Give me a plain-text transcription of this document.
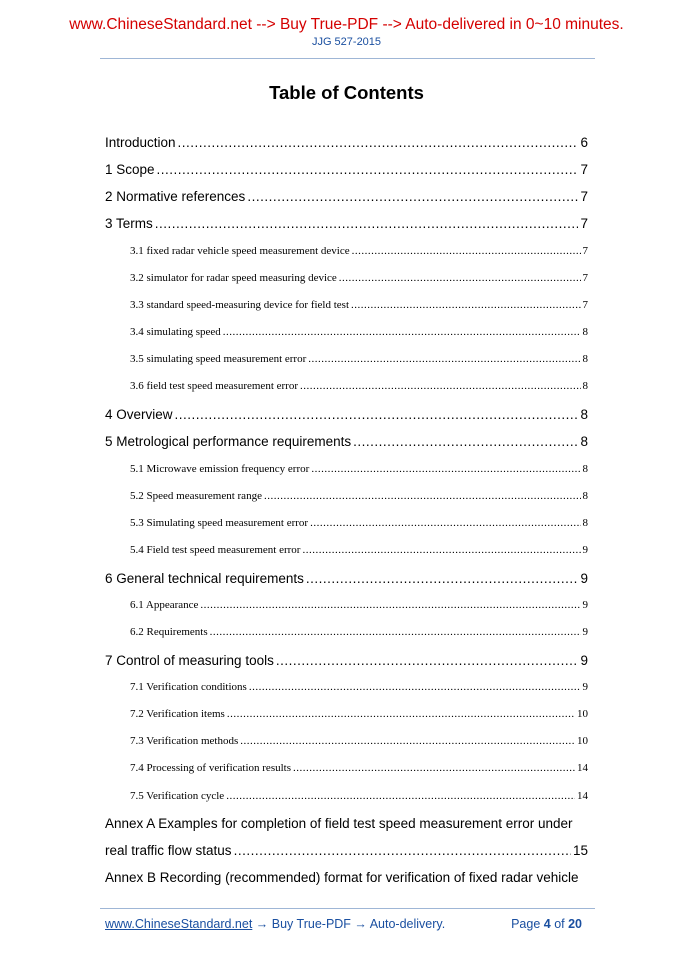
www.ChineseStandard.net --> Buy True-PDF --> Auto-delivered in 0~10 minutes.
JJG 527-2015
Table of Contents
Introduction .....	6
1 Scope .....	7
2 Normative references .....	7
3 Terms .....	7
3.1 fixed radar vehicle speed measurement device .....	7
3.2 simulator for radar speed measuring device .....	7
3.3 standard speed-measuring device for field test .....	7
3.4 simulating speed .....	8
3.5 simulating speed measurement error .....	8
3.6 field test speed measurement error .....	8
4 Overview .....	8
5 Metrological performance requirements .....	8
5.1 Microwave emission frequency error .....	8
5.2 Speed measurement range .....	8
5.3 Simulating speed measurement error .....	8
5.4 Field test speed measurement error .....	9
6 General technical requirements .....	9
6.1 Appearance .....	9
6.2 Requirements .....	9
7 Control of measuring tools .....	9
7.1 Verification conditions .....	9
7.2 Verification items .....	10
7.3 Verification methods .....	10
7.4 Processing of verification results .....	14
7.5 Verification cycle .....	14
Annex A Examples for completion of field test speed measurement error under
real traffic flow status .....	15
Annex B Recording (recommended) format for verification of fixed radar vehicle
www.ChineseStandard.net → Buy True-PDF → Auto-delivery.	Page 4 of 20
